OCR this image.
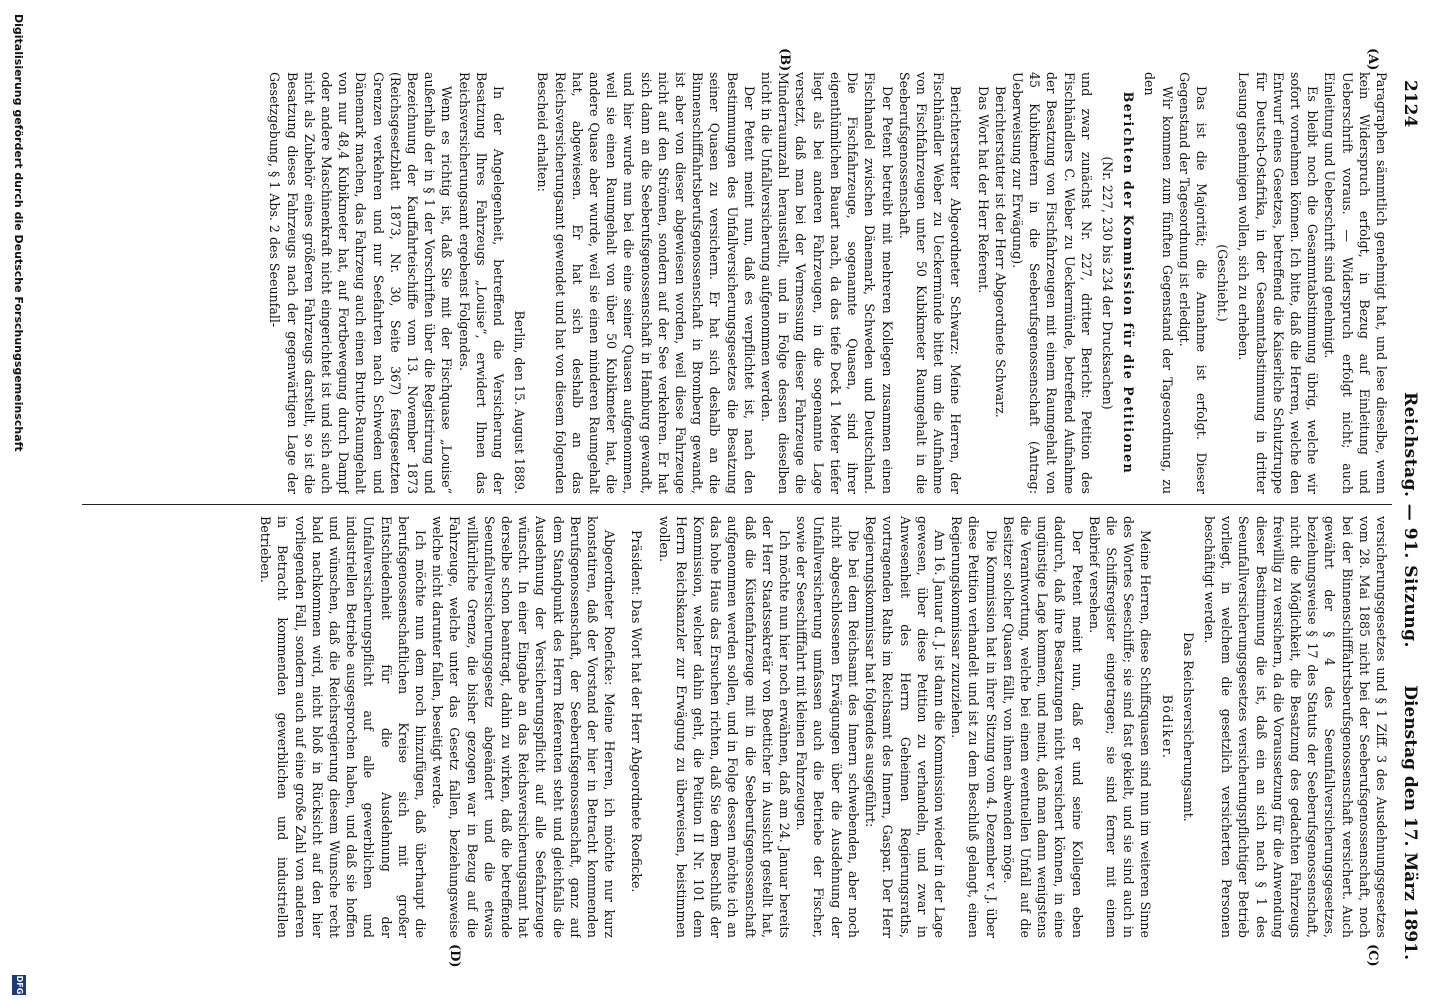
2124
Reichstag. — 91. Sitzung.
Dienstag den 17. März 1891.
(A)
(B)
(C)
(D)

Paragraphen sämmtlich genehmigt hat, und lese dieselbe, wenn kein Widerspruch erfolgt, in Bezug auf Einleitung und Ueberschrift voraus. — Widerspruch erfolgt nicht; auch Einleitung und Ueberschrift sind genehmigt.

Es bleibt noch die Gesammtabstimmung übrig, welche wir sofort vornehmen können. Ich bitte, daß die Herren, welche den Entwurf eines Gesetzes, betreffend die Kaiserliche Schutztruppe für Deutsch-Ostafrika, in der Gesammtabstimmung in dritter Lesung genehmigen wollen, sich zu erheben.

(Geschieht.)

Das ist die Majorität; die Annahme ist erfolgt. Dieser Gegenstand der Tagesordnung ist erledigt.

Wir kommen zum fünften Gegenstand der Tagesordnung, zu den

Berichten der Kommission für die Petitionen

(Nr. 227, 230 bis 234 der Drucksachen)

und zwar zunächst Nr. 227, dritter Bericht: Petition des Fischhändlers C. Weber zu Ueckermünde, betreffend Aufnahme der Besatzung von Fischfahrzeugen mit einem Raumgehalt von 45 Kubikmetern in die Seeberufsgenossenschaft (Antrag: Ueberweisung zur Erwägung).

Berichterstatter ist der Herr Abgeordnete Schwarz.

Das Wort hat der Herr Referent.

Berichterstatter Abgeordneter Schwarz: Meine Herren, der Fischhändler Weber zu Ueckermünde bittet um die Aufnahme von Fischfahrzeugen unter 50 Kubikmeter Raumgehalt in die Seeberufsgenossenschaft.

Der Petent betreibt mit mehreren Kollegen zusammen einen Fischhandel zwischen Dänemark, Schweden und Deutschland. Die Fischfahrzeuge, sogenannte Quasen, sind ihrer eigenthümlichen Bauart nach, da das tiefe Deck 1 Meter tiefer liegt als bei anderen Fahrzeugen, in die sogenannte Lage versetzt, daß man bei der Vermessung dieser Fahrzeuge die Minderraumzahl herausstellt, und in Folge dessen dieselben nicht in die Unfallversicherung aufgenommen werden.

Der Petent meint nun, daß es verpflichtet ist, nach den Bestimmungen des Unfallversicherungsgesetzes die Besatzung seiner Quasen zu versichern. Er hat sich deshalb an die Binnenschifffahrtsberufsgenossenschaft in Bromberg gewandt, ist aber von dieser abgewiesen worden, weil diese Fahrzeuge nicht auf den Strömen, sondern auf der See verkehren. Er hat sich dann an die Seeberufsgenossenschaft in Hamburg gewandt, und hier wurde nun bei die eine seiner Quasen aufgenommen, weil sie einen Raumgehalt von über 50 Kubikmeter hat, die andere Quase aber wurde, weil sie einen minderen Raumgehalt hat, abgewiesen. Er hat sich deshalb an das Reichsversicherungsamt gewendet und hat von diesem folgenden Bescheid erhalten:

Berlin, den 15. August 1889.

In der Angelegenheit, betreffend die Versicherung der Besatzung Ihres Fahrzeugs „Louise“, erwidert Ihnen das Reichsversicherungsamt ergebenst Folgendes.

Wenn es richtig ist, daß Sie mit der Fischquase „Louise“ außerhalb der in § 1 der Vorschriften über die Registrirung und Bezeichnung der Kauffahrteischiffe vom 13. November 1873 (Reichsgesetzblatt 1873, Nr. 30, Seite 367) festgesetzten Grenzen verkehren und nur Seefahrten nach Schweden und Dänemark machen, das Fahrzeug auch einen Brutto-Raumgehalt von nur 48,4 Kubikmeter hat, auf Fortbewegung durch Dampf oder andere Maschinenkraft nicht eingerichtet ist und sich auch nicht als Zubehör eines größeren Fahrzeugs darstellt, so ist die Besatzung dieses Fahrzeugs nach der gegenwärtigen Lage der Gesetzgebung, § 1 Abs. 2 des Seeunfall-

versicherungsgesetzes und § 1 Ziff. 3 des Ausdehnungsgesetzes vom 28. Mai 1885 nicht bei der Seeberufsgenossenschaft, noch bei der Binnenschifffahrtsberufsgenossenschaft versichert. Auch gewährt der § 4 des Seeunfallversicherungsgesetzes, beziehungsweise § 17 des Statuts der Seeberufsgenossenschaft, nicht die Möglichkeit, die Besatzung des gedachten Fahrzeugs freiwillig zu versichern, da die Voraussetzung für die Anwendung dieser Bestimmung die ist, daß ein an sich nach § 1 des Seeunfallversicherungsgesetzes versicherungspflichtiger Betrieb vorliegt, in welchem die gesetzlich versicherten Personen beschäftigt werden.

Das Reichsversicherungsamt.

Bödiker.

Meine Herren, diese Schiffsquasen sind nun im weiteren Sinne des Wortes Seeschiffe; sie sind fast gekielt, und sie sind auch in die Schiffsregister eingetragen; sie sind ferner mit einem Beibrief versehen.

Der Petent meint nun, daß er und seine Kollegen eben dadurch, daß ihre Besatzungen nicht versichert können, in eine ungünstige Lage kommen, und meint, daß man dann wenigstens die Verantwortung, welche bei einem eventuellen Unfall auf die Besitzer solcher Quasen fällt, von ihnen abwenden möge.

Die Kommission hat in ihrer Sitzung vom 4. Dezember v. J. über diese Petition verhandelt und ist zu dem Beschluß gelangt, einen Regierungskommissar zuzuziehen.

Am 16. Januar d. J. ist dann die Kommission wieder in der Lage gewesen, über diese Petition zu verhandeln, und zwar in Anwesenheit des Herrn Geheimen Regierungsraths, vortragenden Raths im Reichsamt des Innern, Gaspar. Der Herr Regierungskommissar hat folgendes ausgeführt:

Die bei dem Reichsamt des Innern schwebenden, aber noch nicht abgeschlossenen Erwägungen über die Ausdehnung der Unfallversicherung umfassen auch die Betriebe der Fischer, sowie der Seeschifffahrt mit kleinen Fahrzeugen.

Ich möchte nun hier noch erwähnen, daß am 24. Januar bereits der Herr Staatssekretär von Boetticher in Aussicht gestellt hat, daß die Küstenfahrzeuge mit in die Seeberufsgenossenschaft aufgenommen werden sollen, und in Folge dessen möchte ich an das hohe Haus das Ersuchen richten, daß Sie dem Beschluß der Kommission, welcher dahin geht, die Petition II Nr. 101 dem Herrn Reichskanzler zur Erwägung zu überweisen, beistimmen wollen.

Präsident: Das Wort hat der Herr Abgeordnete Roeficke.

Abgeordneter Roeficke: Meine Herren, ich möchte nur kurz konstatiren, daß der Vorstand der hier in Betracht kommenden Berufsgenossenschaft, der Seeberufsgenossenschaft, ganz auf dem Standpunkt des Herrn Referenten steht und gleichfalls die Ausdehnung der Versicherungspflicht auf alle Seefahrzeuge wünscht. In einer Eingabe an das Reichsversicherungsamt hat derselbe schon beantragt, dahin zu wirken, daß die betreffende Seeunfallversicherungsgesetz abgeändert und die etwas willkürliche Grenze, die bisher gezogen war in Bezug auf die Fahrzeuge, welche unter das Gesetz fallen, beziehungsweise welche nicht darunter fallen, beseitigt werde.

Ich möchte nun dem noch hinzufügen, daß überhaupt die berufsgenossenschaftlichen Kreise sich mit großer Entschiedenheit für die Ausdehnung der Unfallversicherungspflicht auf alle gewerblichen und industriellen Betriebe ausgesprochen haben, und daß sie hoffen und wünschen, daß die Reichsregierung diesem Wunsche recht bald nachkommen wird, nicht bloß in Rücksicht auf den hier vorliegenden Fall, sondern auch auf eine große Zahl von anderen in Betracht kommenden gewerblichen und industriellen Betrieben.

Digitalisierung gefördert durch die Deutsche Forschungsgemeinschaft
DFG
